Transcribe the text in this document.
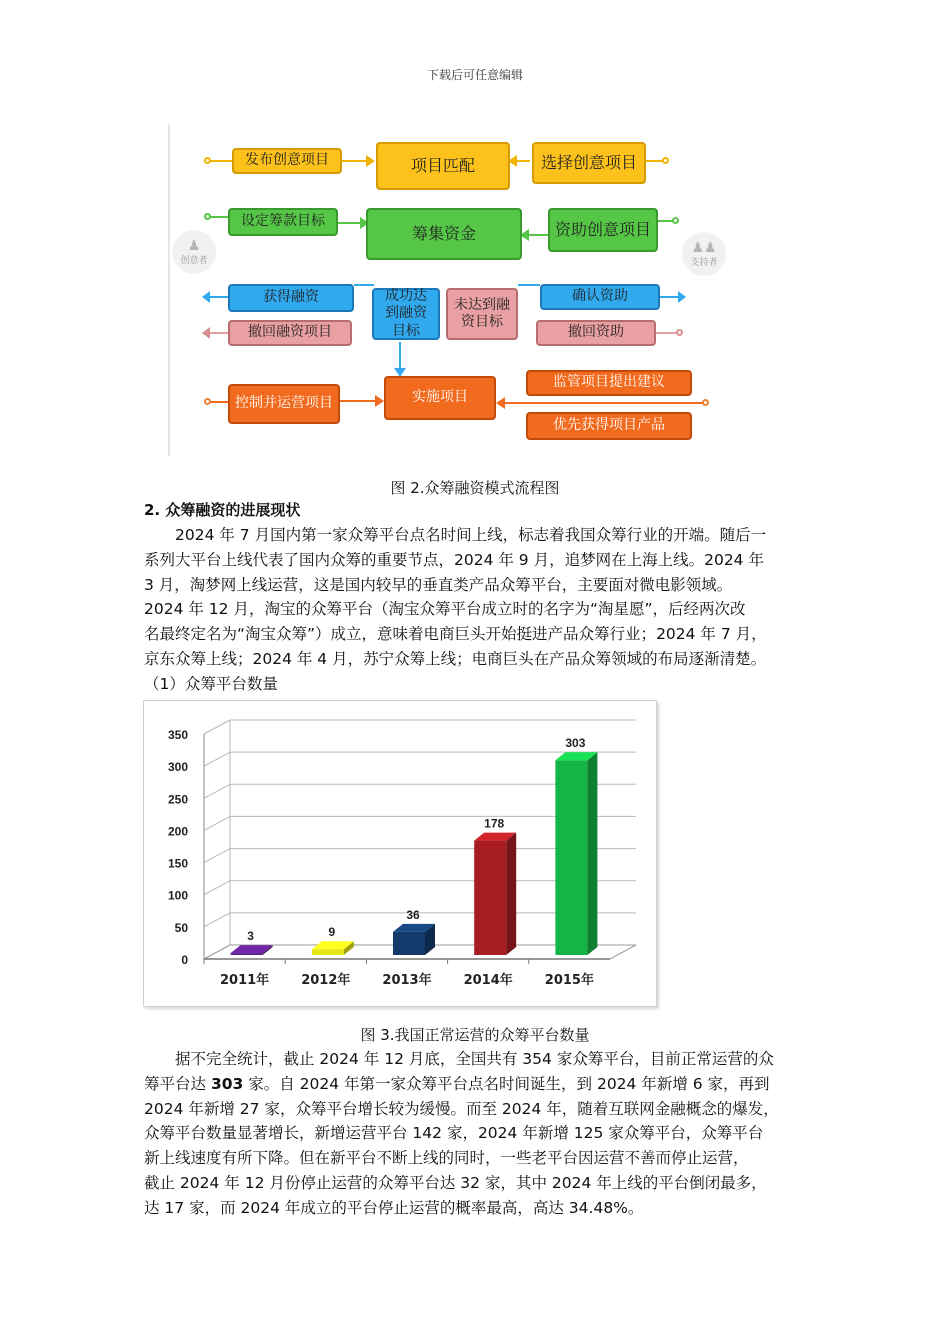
下载后可任意编辑
发布创意项目	项目匹配	选择创意项目
设定筹款目标
筹集资金	资助创意项目
获得融资	成功达到融资目标
未达到融资目标
确认资助
撤回融资项目	撤回资助
控制并运营项目	实施项目
监管项目提出建议
优先获得项目产品
♟
创意者
♟♟
支持者
图 2.众筹融资模式流程图
2. 众筹融资的进展现状
　　2024 年 7 月国内第一家众筹平台点名时间上线，标志着我国众筹行业的开端。随后一
系列大平台上线代表了国内众筹的重要节点，2024 年 9 月，追梦网在上海上线。2024 年
3 月，淘梦网上线运营，这是国内较早的垂直类产品众筹平台，主要面对微电影领域。
2024 年 12 月，淘宝的众筹平台（淘宝众筹平台成立时的名字为“淘星愿”，后经两次改
名最终定名为“淘宝众筹”）成立，意味着电商巨头开始挺进产品众筹行业；2024 年 7 月，
京东众筹上线；2024 年 4 月，苏宁众筹上线；电商巨头在产品众筹领域的布局逐渐清楚。
（1）众筹平台数量
0
50
100
150
200
250
300
350
3
2011年
9
2012年
36
2013年
178
2014年
303
2015年
图 3.我国正常运营的众筹平台数量
　　据不完全统计，截止 2024 年 12 月底，全国共有 354 家众筹平台，目前正常运营的众
筹平台达 303 家。自 2024 年第一家众筹平台点名时间诞生，到 2024 年新增 6 家，再到
2024 年新增 27 家，众筹平台增长较为缓慢。而至 2024 年，随着互联网金融概念的爆发，
众筹平台数量显著增长，新增运营平台 142 家，2024 年新增 125 家众筹平台，众筹平台
新上线速度有所下降。但在新平台不断上线的同时，一些老平台因运营不善而停止运营，
截止 2024 年 12 月份停止运营的众筹平台达 32 家，其中 2024 年上线的平台倒闭最多，
达 17 家，而 2024 年成立的平台停止运营的概率最高，高达 34.48%。
